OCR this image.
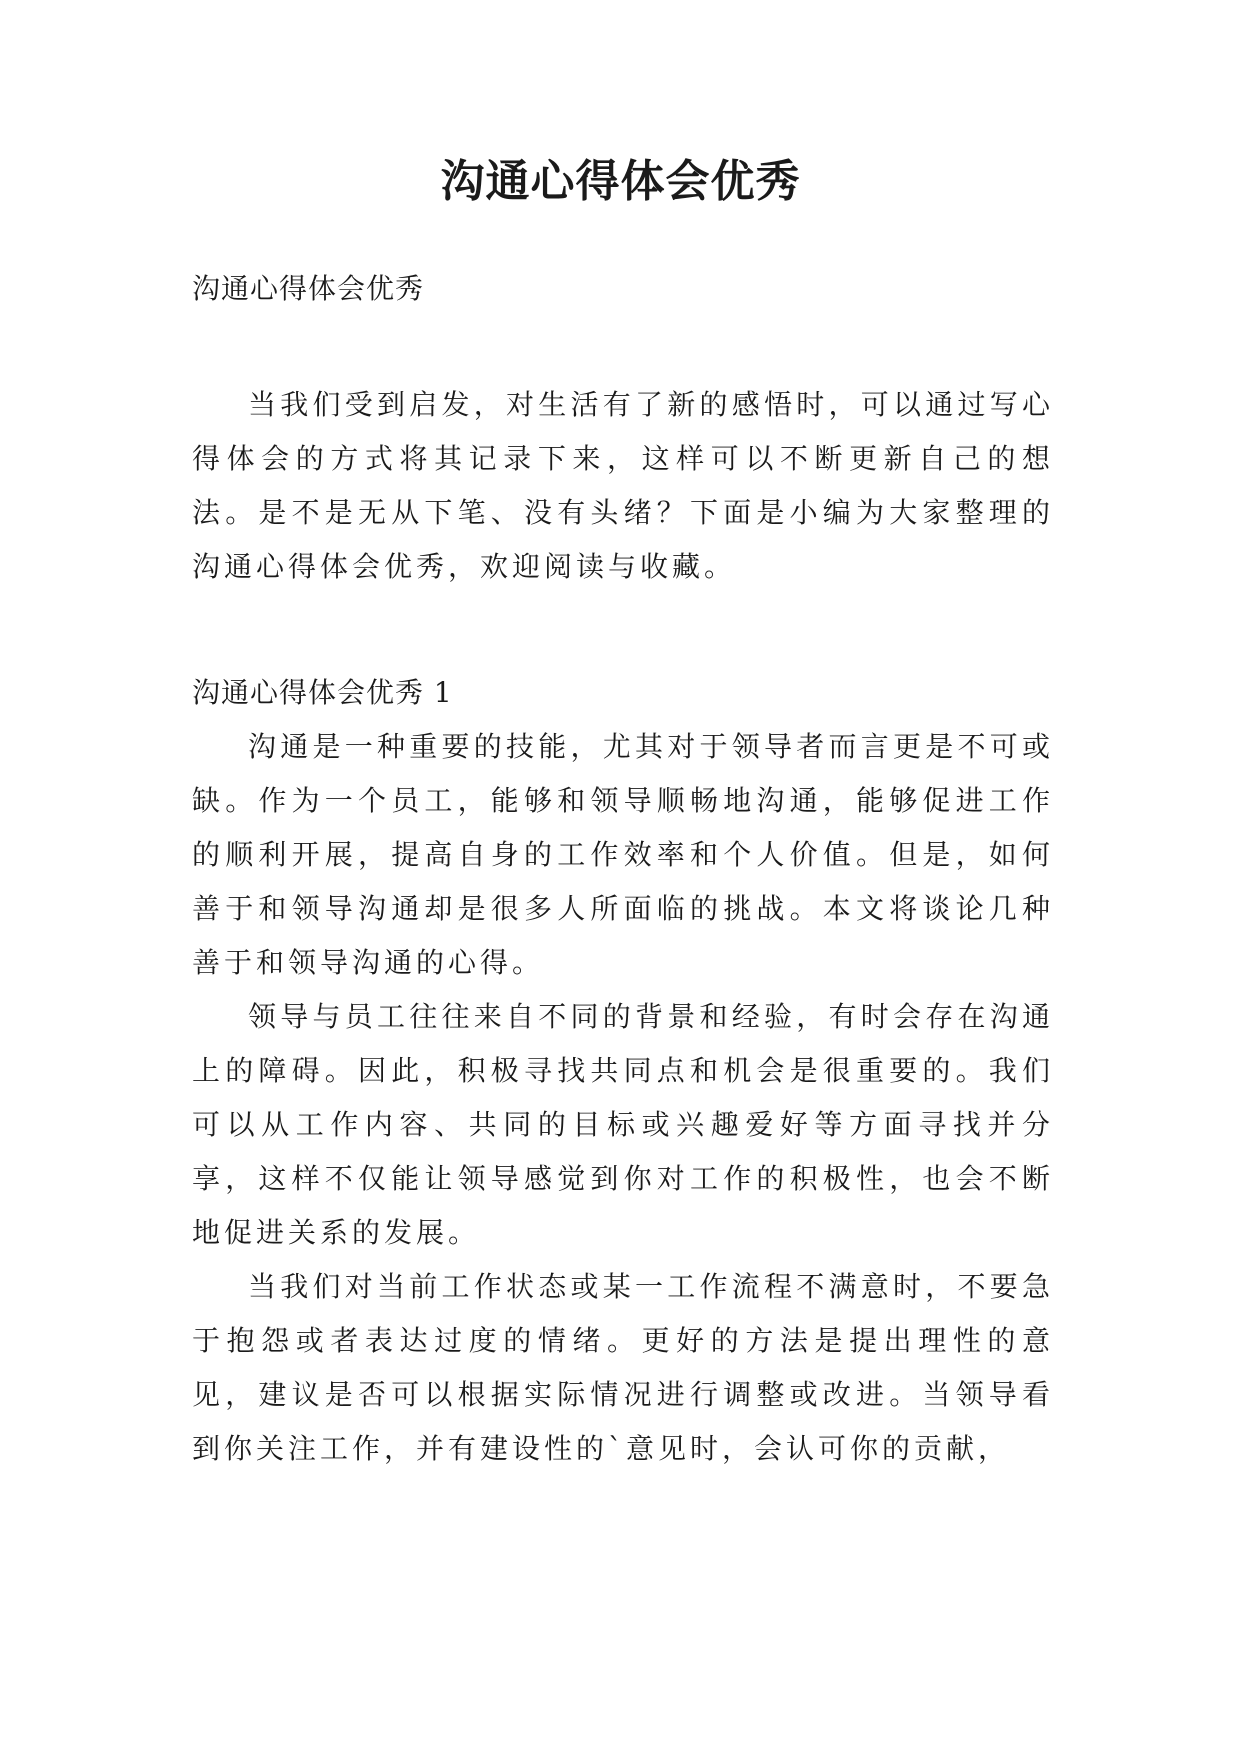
沟通心得体会优秀

沟通心得体会优秀

当我们受到启发，对生活有了新的感悟时，可以通过写心得体会的方式将其记录下来，这样可以不断更新自己的想法。是不是无从下笔、没有头绪？下面是小编为大家整理的沟通心得体会优秀，欢迎阅读与收藏。

沟通心得体会优秀 1

沟通是一种重要的技能，尤其对于领导者而言更是不可或缺。作为一个员工，能够和领导顺畅地沟通，能够促进工作的顺利开展，提高自身的工作效率和个人价值。但是，如何善于和领导沟通却是很多人所面临的挑战。本文将谈论几种善于和领导沟通的心得。

领导与员工往往来自不同的背景和经验，有时会存在沟通上的障碍。因此，积极寻找共同点和机会是很重要的。我们可以从工作内容、共同的目标或兴趣爱好等方面寻找并分享，这样不仅能让领导感觉到你对工作的积极性，也会不断地促进关系的发展。

当我们对当前工作状态或某一工作流程不满意时，不要急于抱怨或者表达过度的情绪。更好的方法是提出理性的意见，建议是否可以根据实际情况进行调整或改进。当领导看到你关注工作，并有建设性的`意见时，会认可你的贡献，
